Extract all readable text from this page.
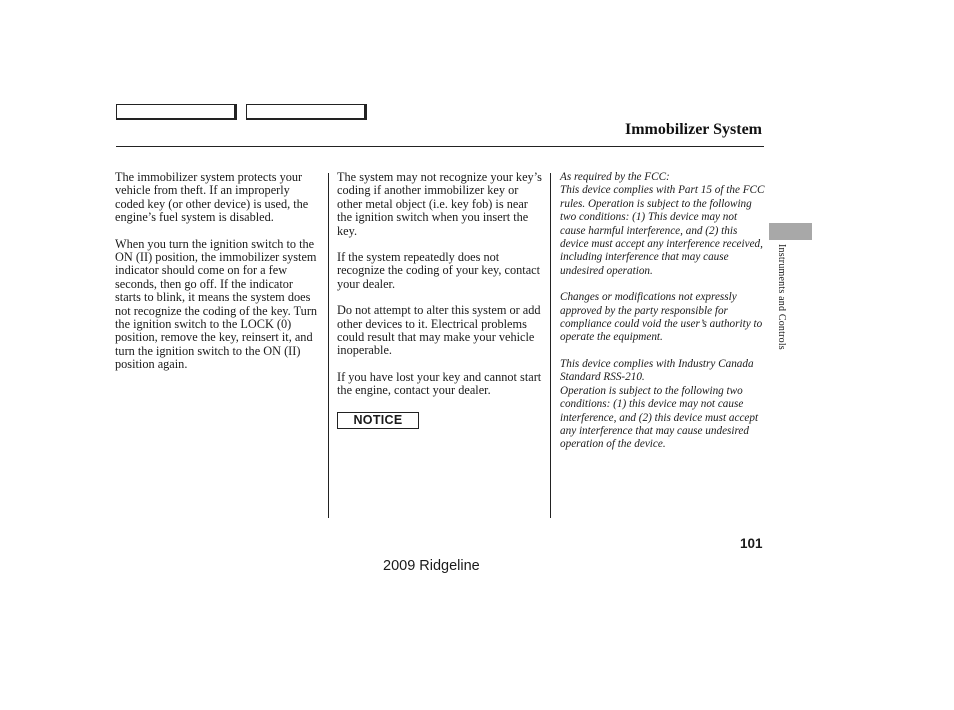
Immobilizer System

The immobilizer system protects your vehicle from theft. If an improperly coded key (or other device) is used, the engine’s fuel system is disabled.

When you turn the ignition switch to the ON (II) position, the immobilizer system indicator should come on for a few seconds, then go off. If the indicator starts to blink, it means the system does not recognize the coding of the key. Turn the ignition switch to the LOCK (0) position, remove the key, reinsert it, and turn the ignition switch to the ON (II) position again.

The system may not recognize your key’s coding if another immobilizer key or other metal object (i.e. key fob) is near the ignition switch when you insert the key.

If the system repeatedly does not recognize the coding of your key, contact your dealer.

Do not attempt to alter this system or add other devices to it. Electrical problems could result that may make your vehicle inoperable.

If you have lost your key and cannot start the engine, contact your dealer.

NOTICE

As required by the FCC:

This device complies with Part 15 of the FCC rules. Operation is subject to the following two conditions: (1) This device may not cause harmful interference, and (2) this device must accept any interference received, including interference that may cause undesired operation.

Changes or modifications not expressly approved by the party responsible for compliance could void the user’s authority to operate the equipment.

This device complies with Industry Canada Standard RSS-210.

Operation is subject to the following two conditions: (1) this device may not cause interference, and (2) this device must accept any interference that may cause undesired operation of the device.

Instruments and Controls
101
2009 Ridgeline
